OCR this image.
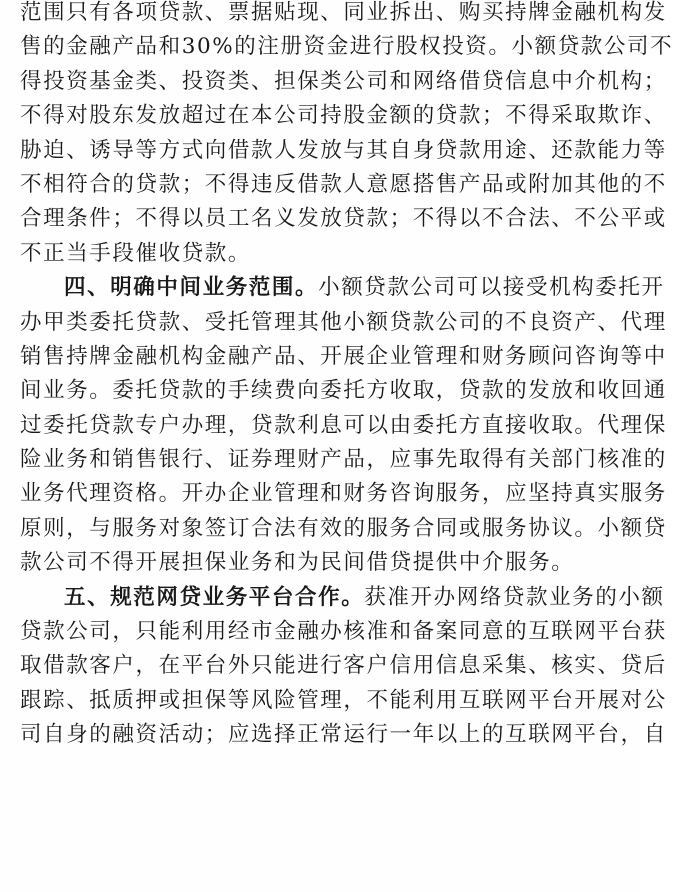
范围只有各项贷款、票据贴现、同业拆出、购买持牌金融机构发
售的金融产品和30%的注册资金进行股权投资。小额贷款公司不
得投资基金类、投资类、担保类公司和网络借贷信息中介机构；
不得对股东发放超过在本公司持股金额的贷款；不得采取欺诈、
胁迫、诱导等方式向借款人发放与其自身贷款用途、还款能力等
不相符合的贷款；不得违反借款人意愿搭售产品或附加其他的不
合理条件；不得以员工名义发放贷款；不得以不合法、不公平或
不正当手段催收贷款。
四、明确中间业务范围。小额贷款公司可以接受机构委托开
办甲类委托贷款、受托管理其他小额贷款公司的不良资产、代理
销售持牌金融机构金融产品、开展企业管理和财务顾问咨询等中
间业务。委托贷款的手续费向委托方收取，贷款的发放和收回通
过委托贷款专户办理，贷款利息可以由委托方直接收取。代理保
险业务和销售银行、证券理财产品，应事先取得有关部门核准的
业务代理资格。开办企业管理和财务咨询服务，应坚持真实服务
原则，与服务对象签订合法有效的服务合同或服务协议。小额贷
款公司不得开展担保业务和为民间借贷提供中介服务。
五、规范网贷业务平台合作。获准开办网络贷款业务的小额
贷款公司，只能利用经市金融办核准和备案同意的互联网平台获
取借款客户，在平台外只能进行客户信用信息采集、核实、贷后
跟踪、抵质押或担保等风险管理，不能利用互联网平台开展对公
司自身的融资活动；应选择正常运行一年以上的互联网平台，自
